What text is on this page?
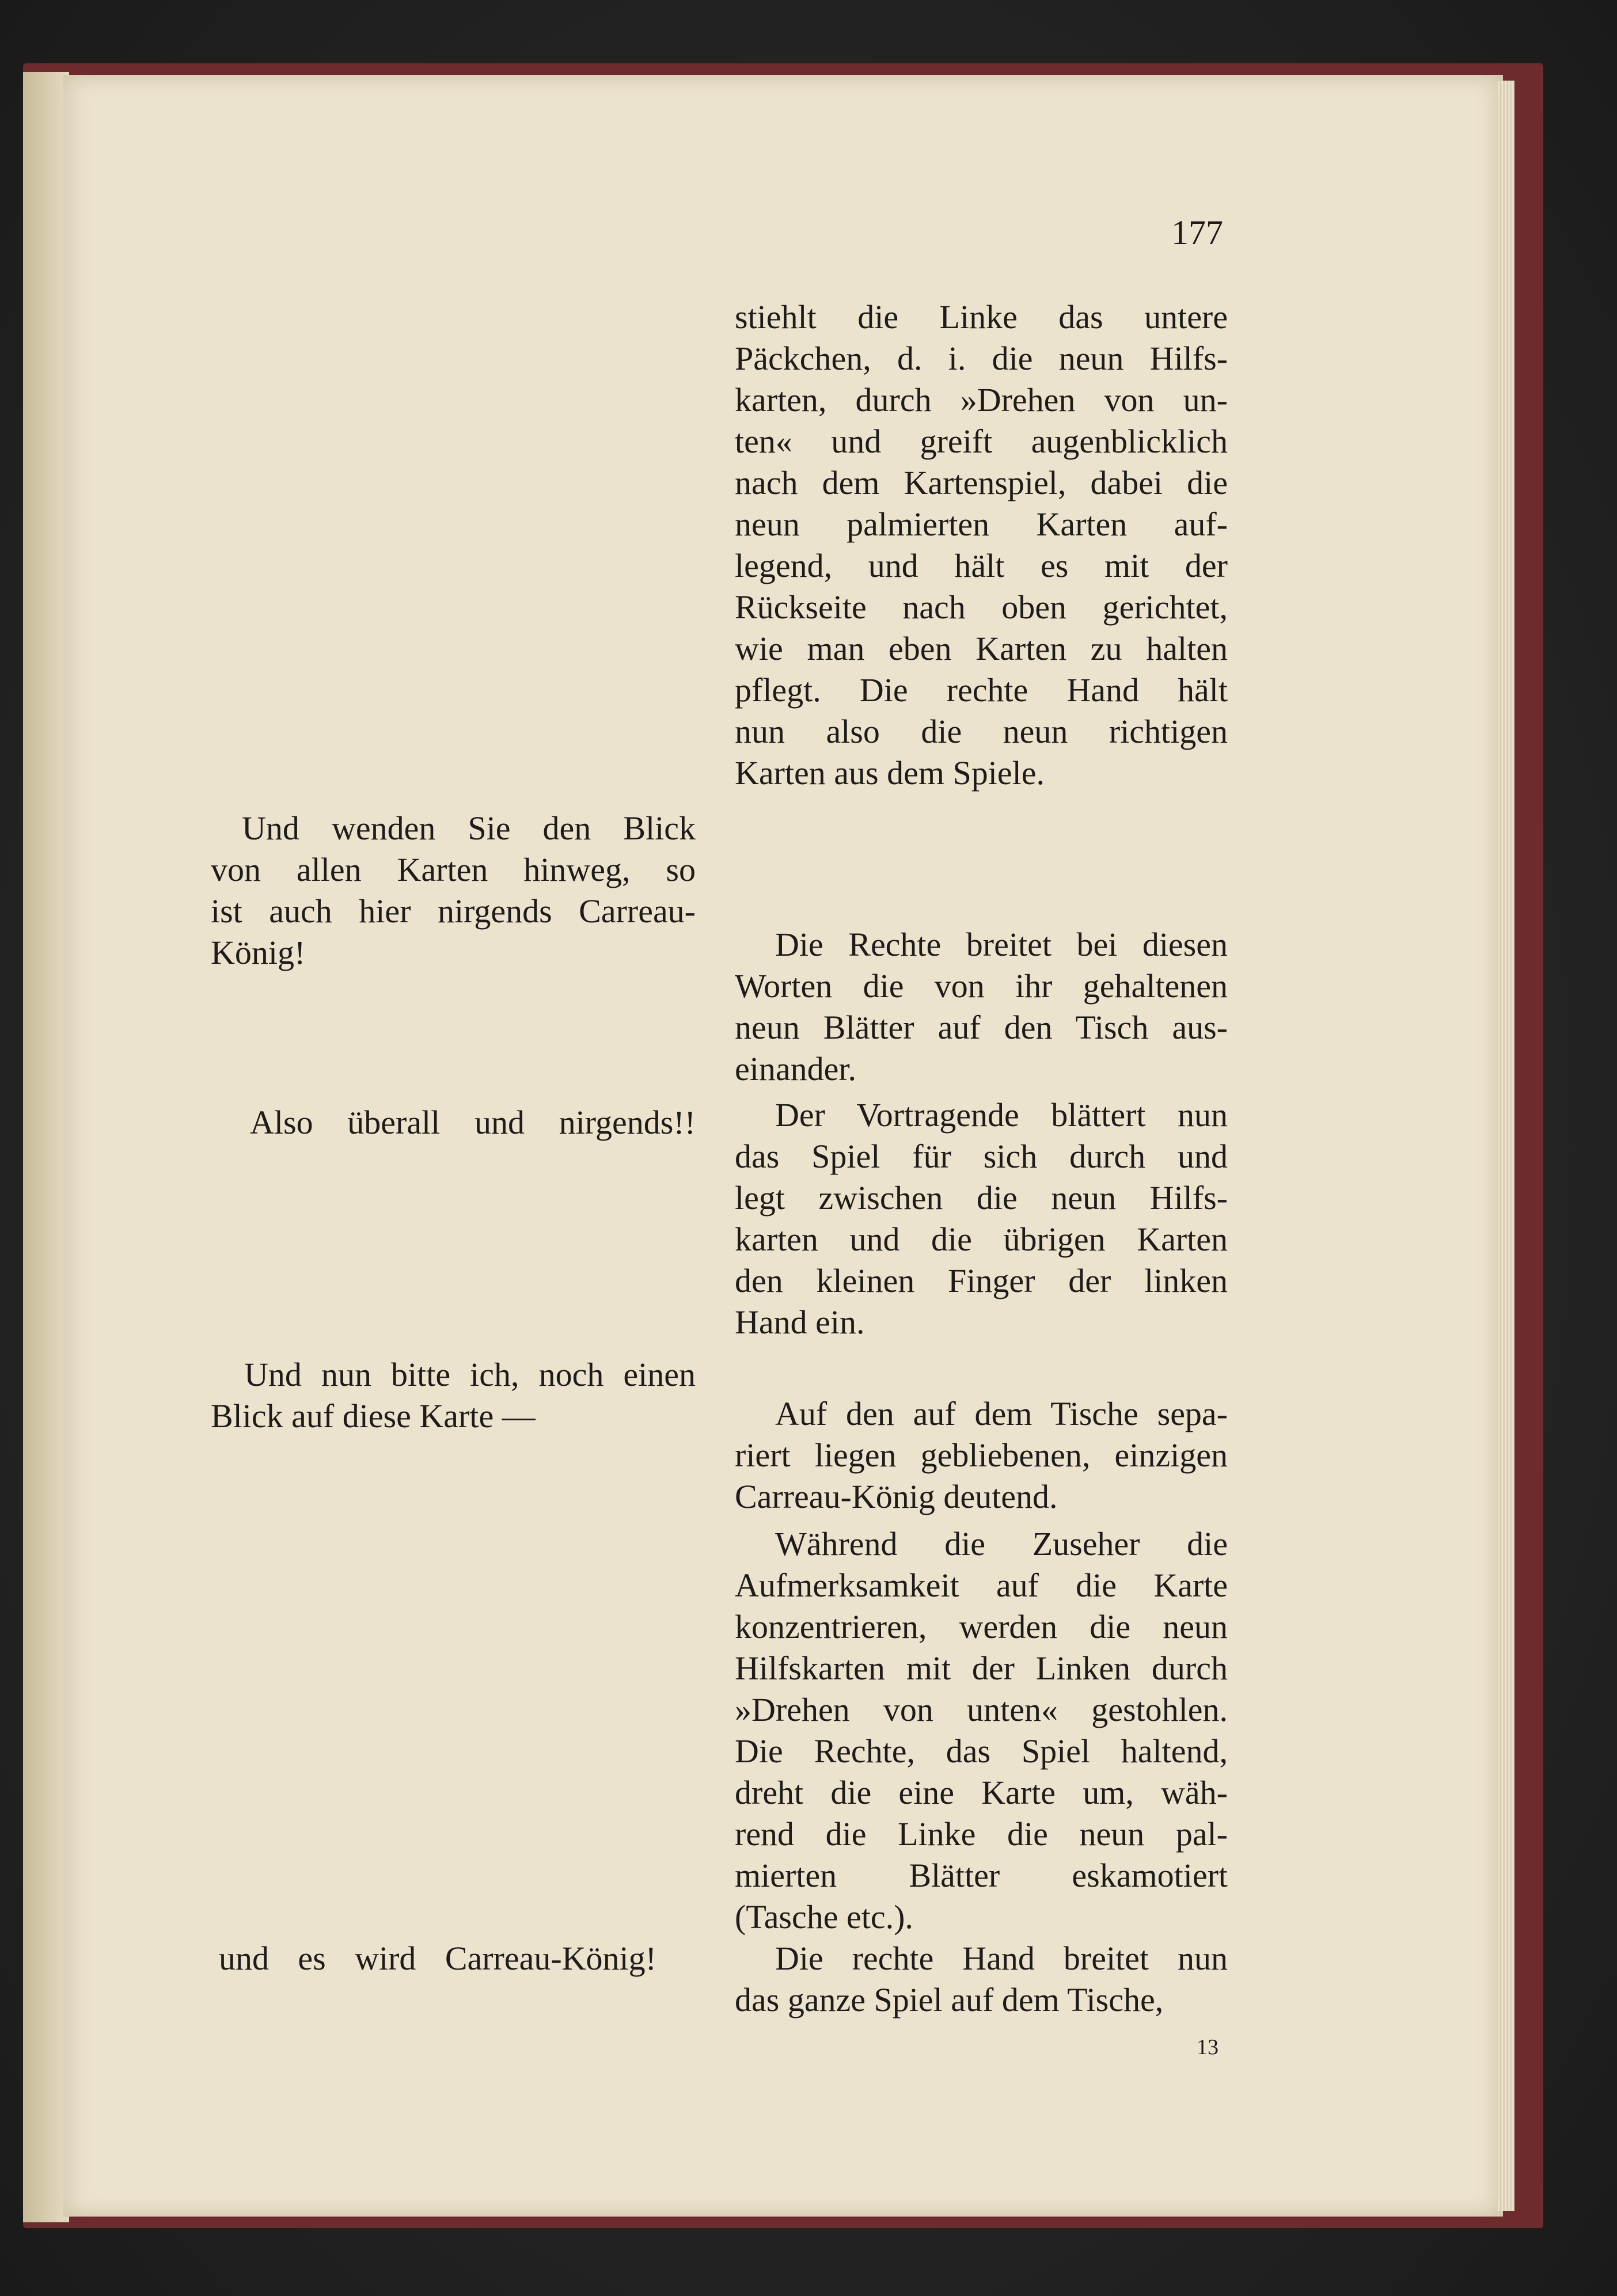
177
stiehlt die Linke das untere
Päckchen, d. i. die neun Hilfs-
karten, durch »Drehen von un-
ten« und greift augenblicklich
nach dem Kartenspiel, dabei die
neun palmierten Karten auf-
legend, und hält es mit der
Rückseite nach oben gerichtet,
wie man eben Karten zu halten
pflegt. Die rechte Hand hält
nun also die neun richtigen
Karten aus dem Spiele.
Die Rechte breitet bei diesen
Worten die von ihr gehaltenen
neun Blätter auf den Tisch aus-
einander.
Der Vortragende blättert nun
das Spiel für sich durch und
legt zwischen die neun Hilfs-
karten und die übrigen Karten
den kleinen Finger der linken
Hand ein.
Auf den auf dem Tische sepa-
riert liegen gebliebenen, einzigen
Carreau-König deutend.
Während die Zuseher die
Aufmerksamkeit auf die Karte
konzentrieren, werden die neun
Hilfskarten mit der Linken durch
»Drehen von unten« gestohlen.
Die Rechte, das Spiel haltend,
dreht die eine Karte um, wäh-
rend die Linke die neun pal-
mierten Blätter eskamotiert
(Tasche etc.).
Die rechte Hand breitet nun
das ganze Spiel auf dem Tische,
Und wenden Sie den Blick
von allen Karten hinweg, so
ist auch hier nirgends Carreau-
König!
Also überall und nirgends!!
Und nun bitte ich, noch einen
Blick auf diese Karte —
und es wird Carreau-König!
13
